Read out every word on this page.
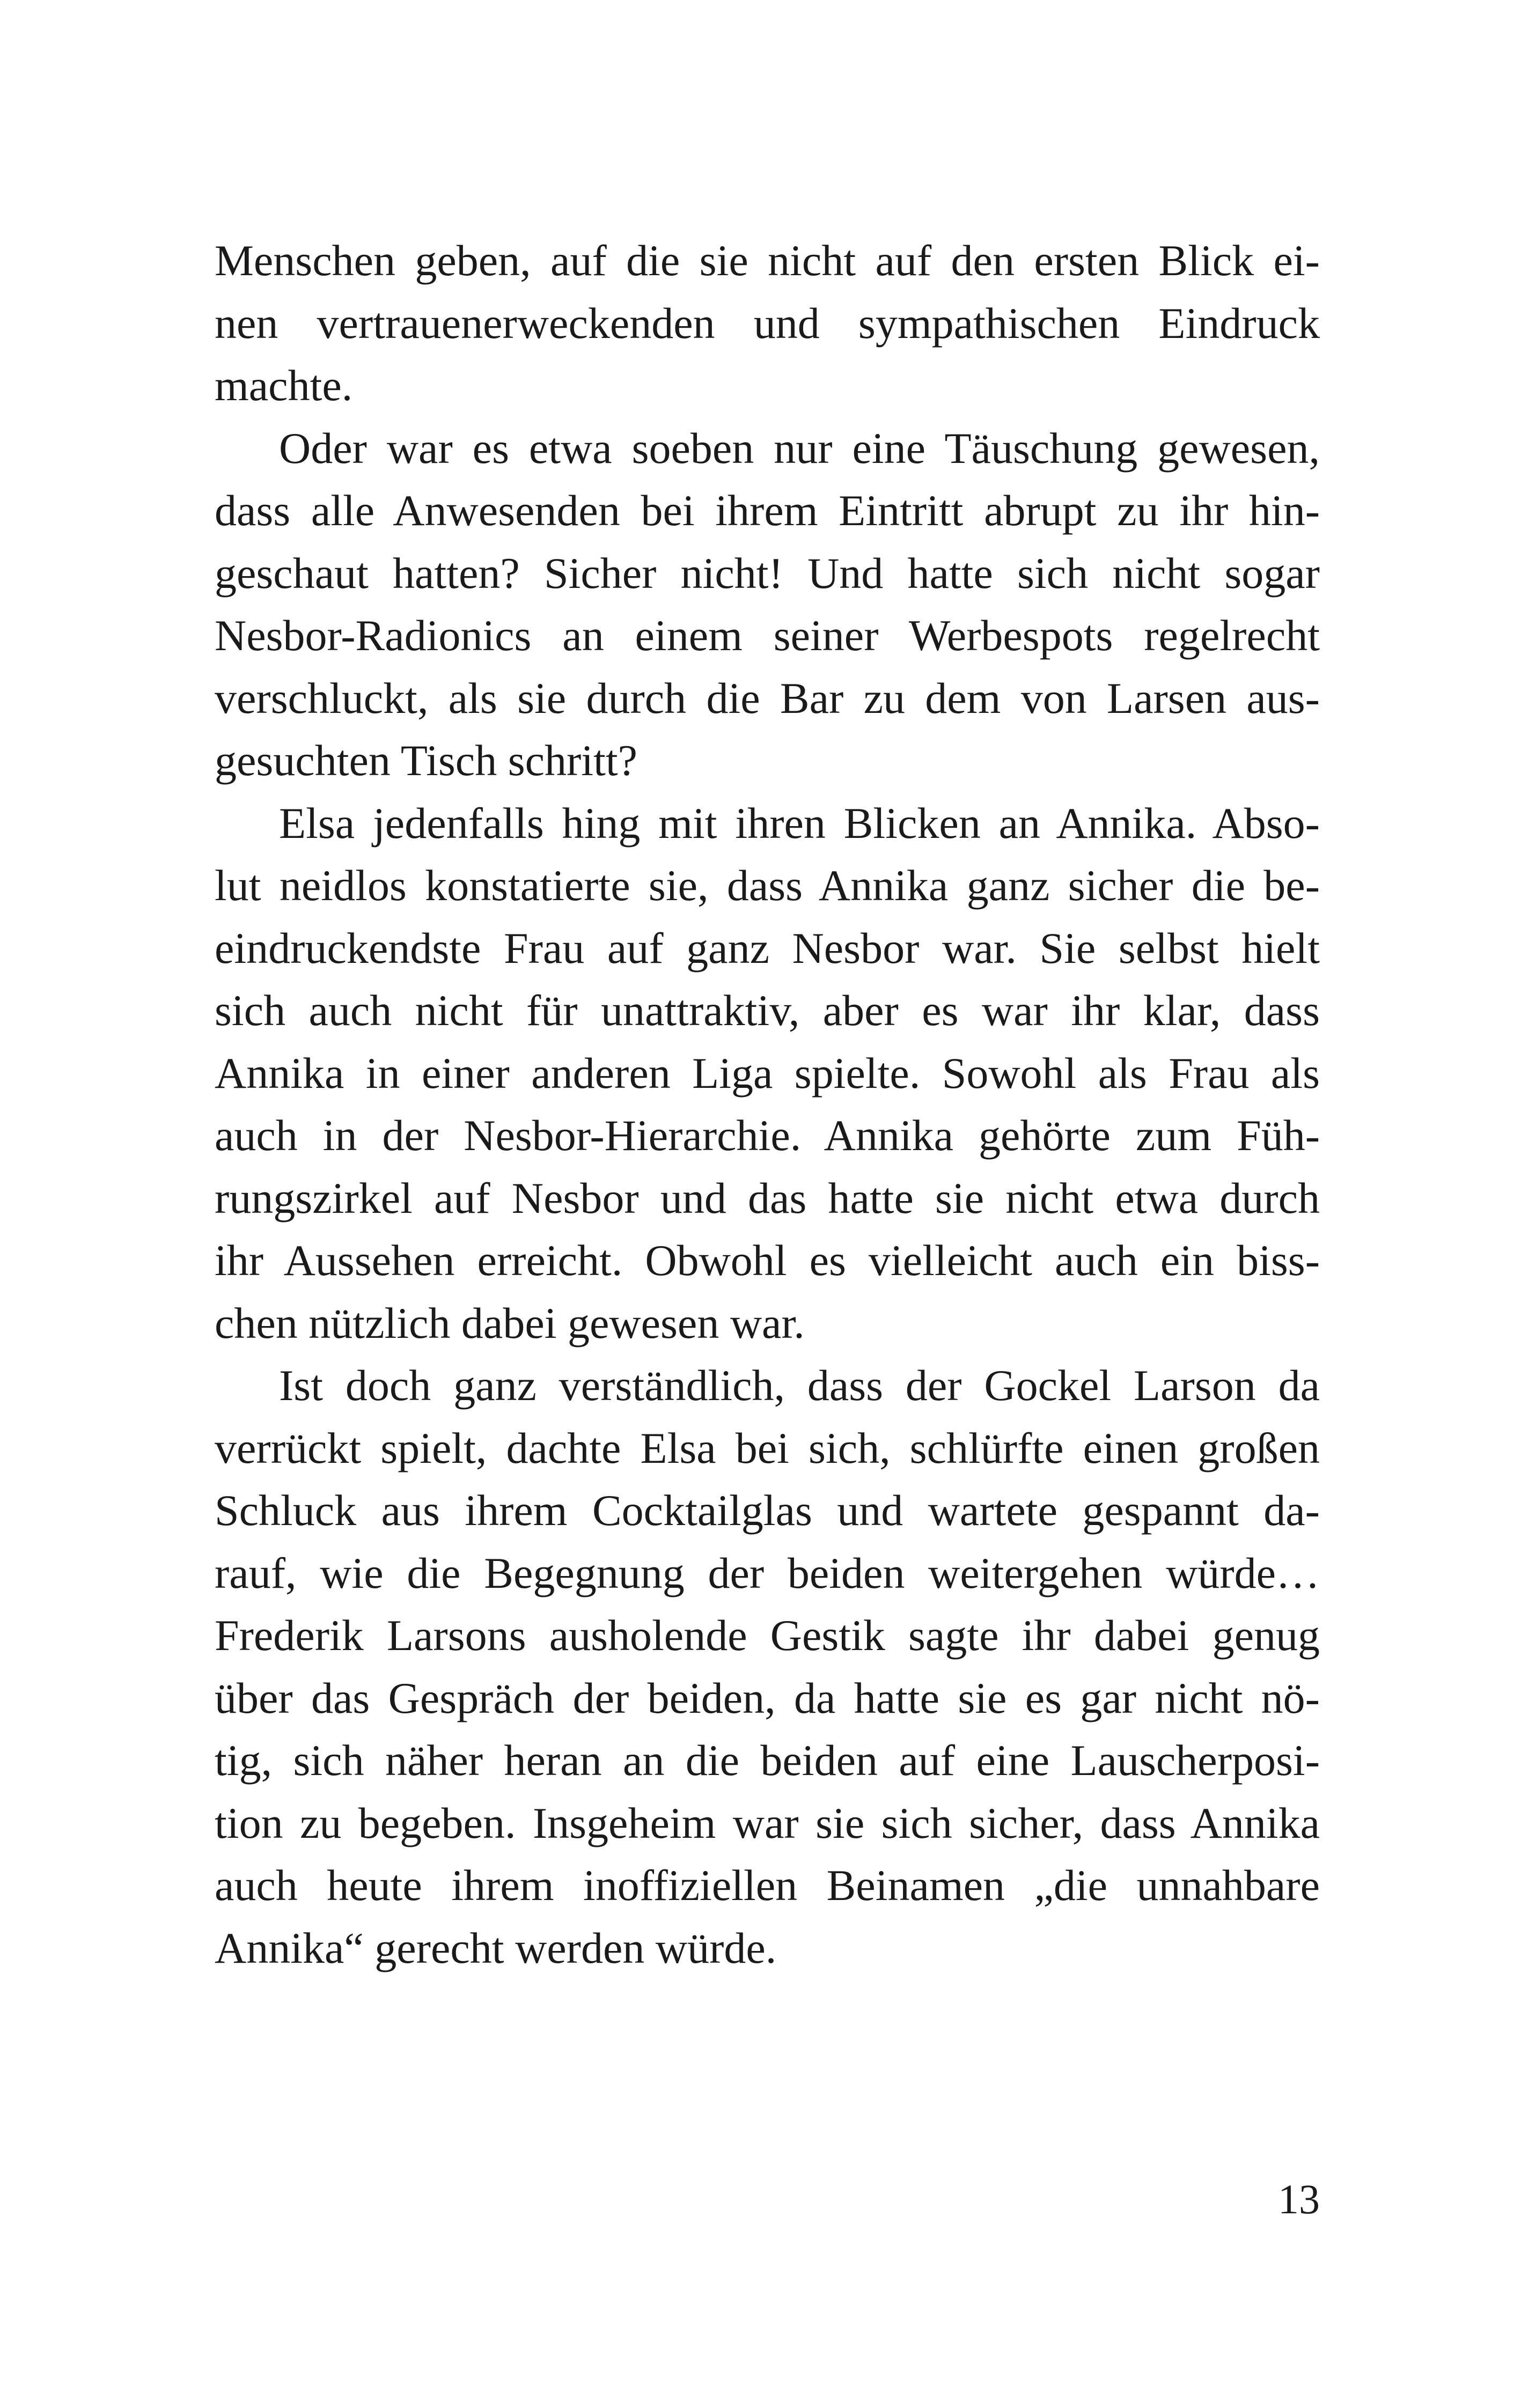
Menschen geben, auf die sie nicht auf den ersten Blick ei-
nen vertrauenerweckenden und sympathischen Eindruck
machte.
Oder war es etwa soeben nur eine Täuschung gewesen,
dass alle Anwesenden bei ihrem Eintritt abrupt zu ihr hin-
geschaut hatten? Sicher nicht! Und hatte sich nicht sogar
Nesbor-Radionics an einem seiner Werbespots regelrecht
verschluckt, als sie durch die Bar zu dem von Larsen aus-
gesuchten Tisch schritt?
Elsa jedenfalls hing mit ihren Blicken an Annika. Abso-
lut neidlos konstatierte sie, dass Annika ganz sicher die be-
eindruckendste Frau auf ganz Nesbor war. Sie selbst hielt
sich auch nicht für unattraktiv, aber es war ihr klar, dass
Annika in einer anderen Liga spielte. Sowohl als Frau als
auch in der Nesbor-Hierarchie. Annika gehörte zum Füh-
rungszirkel auf Nesbor und das hatte sie nicht etwa durch
ihr Aussehen erreicht. Obwohl es vielleicht auch ein biss-
chen nützlich dabei gewesen war.
Ist doch ganz verständlich, dass der Gockel Larson da
verrückt spielt, dachte Elsa bei sich, schlürfte einen großen
Schluck aus ihrem Cocktailglas und wartete gespannt da-
rauf, wie die Begegnung der beiden weitergehen würde…
Frederik Larsons ausholende Gestik sagte ihr dabei genug
über das Gespräch der beiden, da hatte sie es gar nicht nö-
tig, sich näher heran an die beiden auf eine Lauscherposi-
tion zu begeben. Insgeheim war sie sich sicher, dass Annika
auch heute ihrem inoffiziellen Beinamen „die unnahbare
Annika“ gerecht werden würde.
13
